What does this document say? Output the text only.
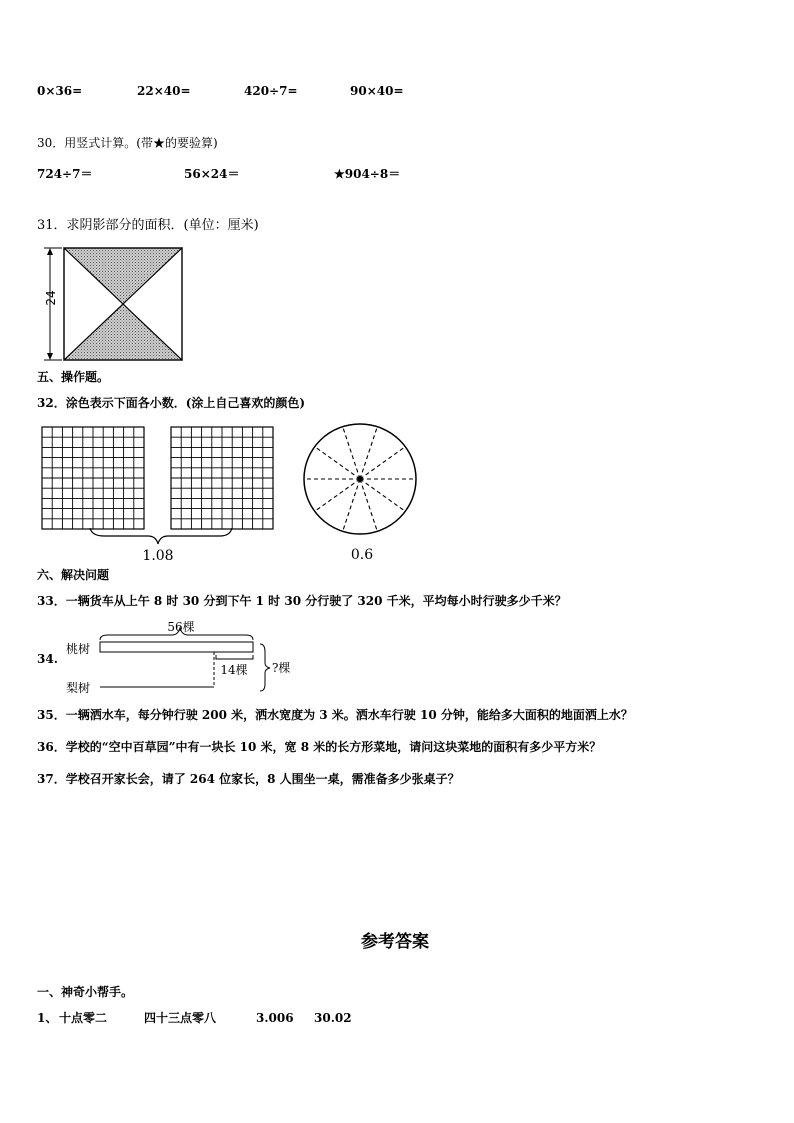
0×36=	22×40=	420÷7=	90×40=
30．用竖式计算。(带★的要验算)
724÷7＝	56×24＝	★904÷8＝
31．求阴影部分的面积．(单位：厘米)
24
五、操作题。
32．涂色表示下面各小数．(涂上自己喜欢的颜色)
1.08	0.6
六、解决问题
33．一辆货车从上午 8 时 30 分到下午 1 时 30 分行驶了 320 千米，平均每小时行驶多少千米？
34.
桃树
梨树
56棵
14棵 ?棵
35．一辆洒水车，每分钟行驶 200 米，洒水宽度为 3 米。洒水车行驶 10 分钟，能给多大面积的地面洒上水？
36．学校的“空中百草园”中有一块长 10 米，宽 8 米的长方形菜地，请问这块菜地的面积有多少平方米？
37．学校召开家长会，请了 264 位家长，8 人围坐一桌，需准备多少张桌子？
参考答案
一、神奇小帮手。
1、 十点零二	四十三点零八	3.006 30.02
